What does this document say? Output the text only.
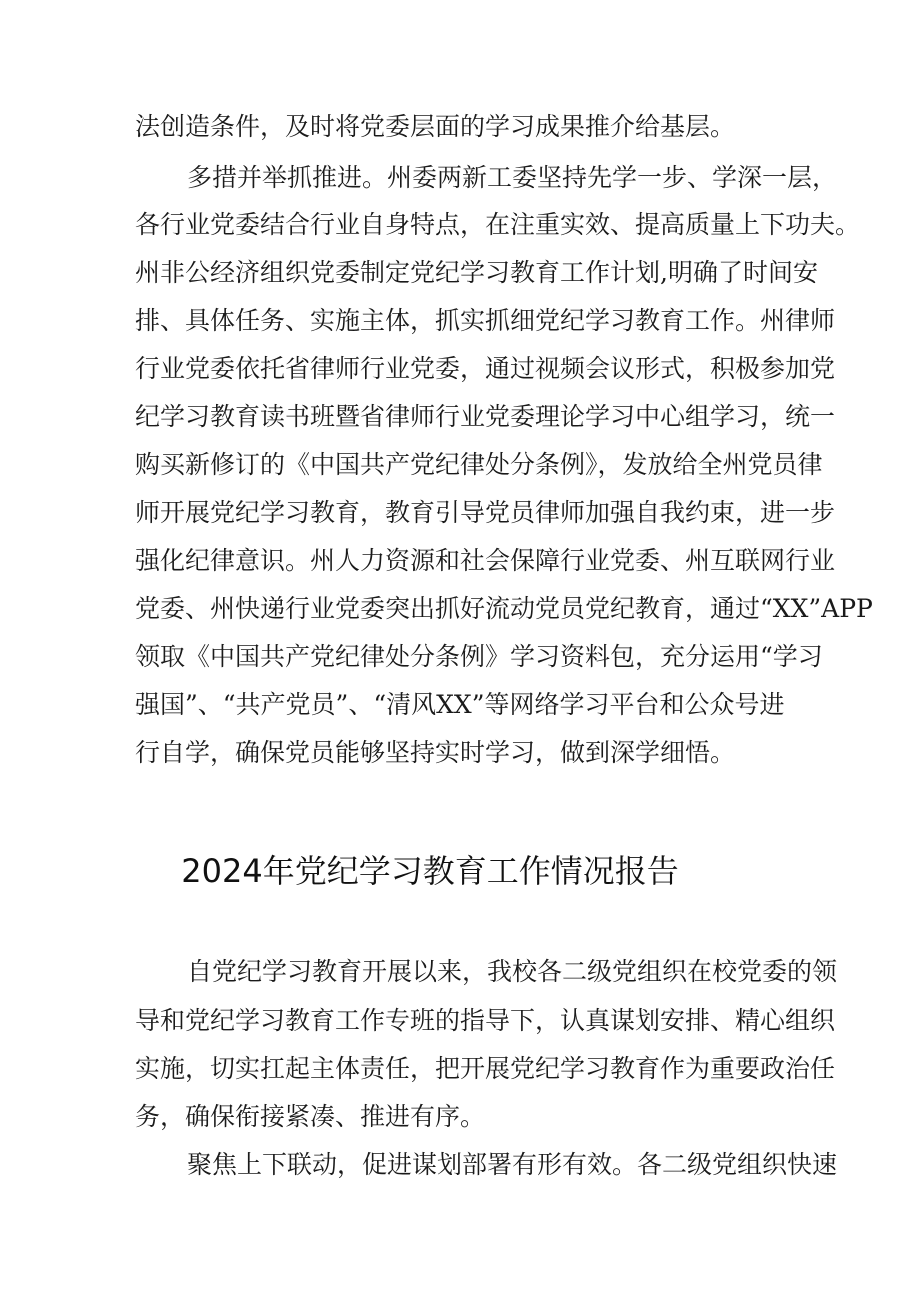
法创造条件，及时将党委层面的学习成果推介给基层。
多措并举抓推进。州委两新工委坚持先学一步、学深一层，
各行业党委结合行业自身特点，在注重实效、提高质量上下功夫。
州非公经济组织党委制定党纪学习教育工作计划,明确了时间安
排、具体任务、实施主体，抓实抓细党纪学习教育工作。州律师
行业党委依托省律师行业党委，通过视频会议形式，积极参加党
纪学习教育读书班暨省律师行业党委理论学习中心组学习，统一
购买新修订的《中国共产党纪律处分条例》，发放给全州党员律
师开展党纪学习教育，教育引导党员律师加强自我约束，进一步
强化纪律意识。州人力资源和社会保障行业党委、州互联网行业
党委、州快递行业党委突出抓好流动党员党纪教育，通过“XX”APP
领取《中国共产党纪律处分条例》学习资料包，充分运用“学习
强国”、“共产党员”、“清风XX”等网络学习平台和公众号进
行自学，确保党员能够坚持实时学习，做到深学细悟。
2024年党纪学习教育工作情况报告
自党纪学习教育开展以来，我校各二级党组织在校党委的领
导和党纪学习教育工作专班的指导下，认真谋划安排、精心组织
实施，切实扛起主体责任，把开展党纪学习教育作为重要政治任
务，确保衔接紧凑、推进有序。
聚焦上下联动，促进谋划部署有形有效。各二级党组织快速
